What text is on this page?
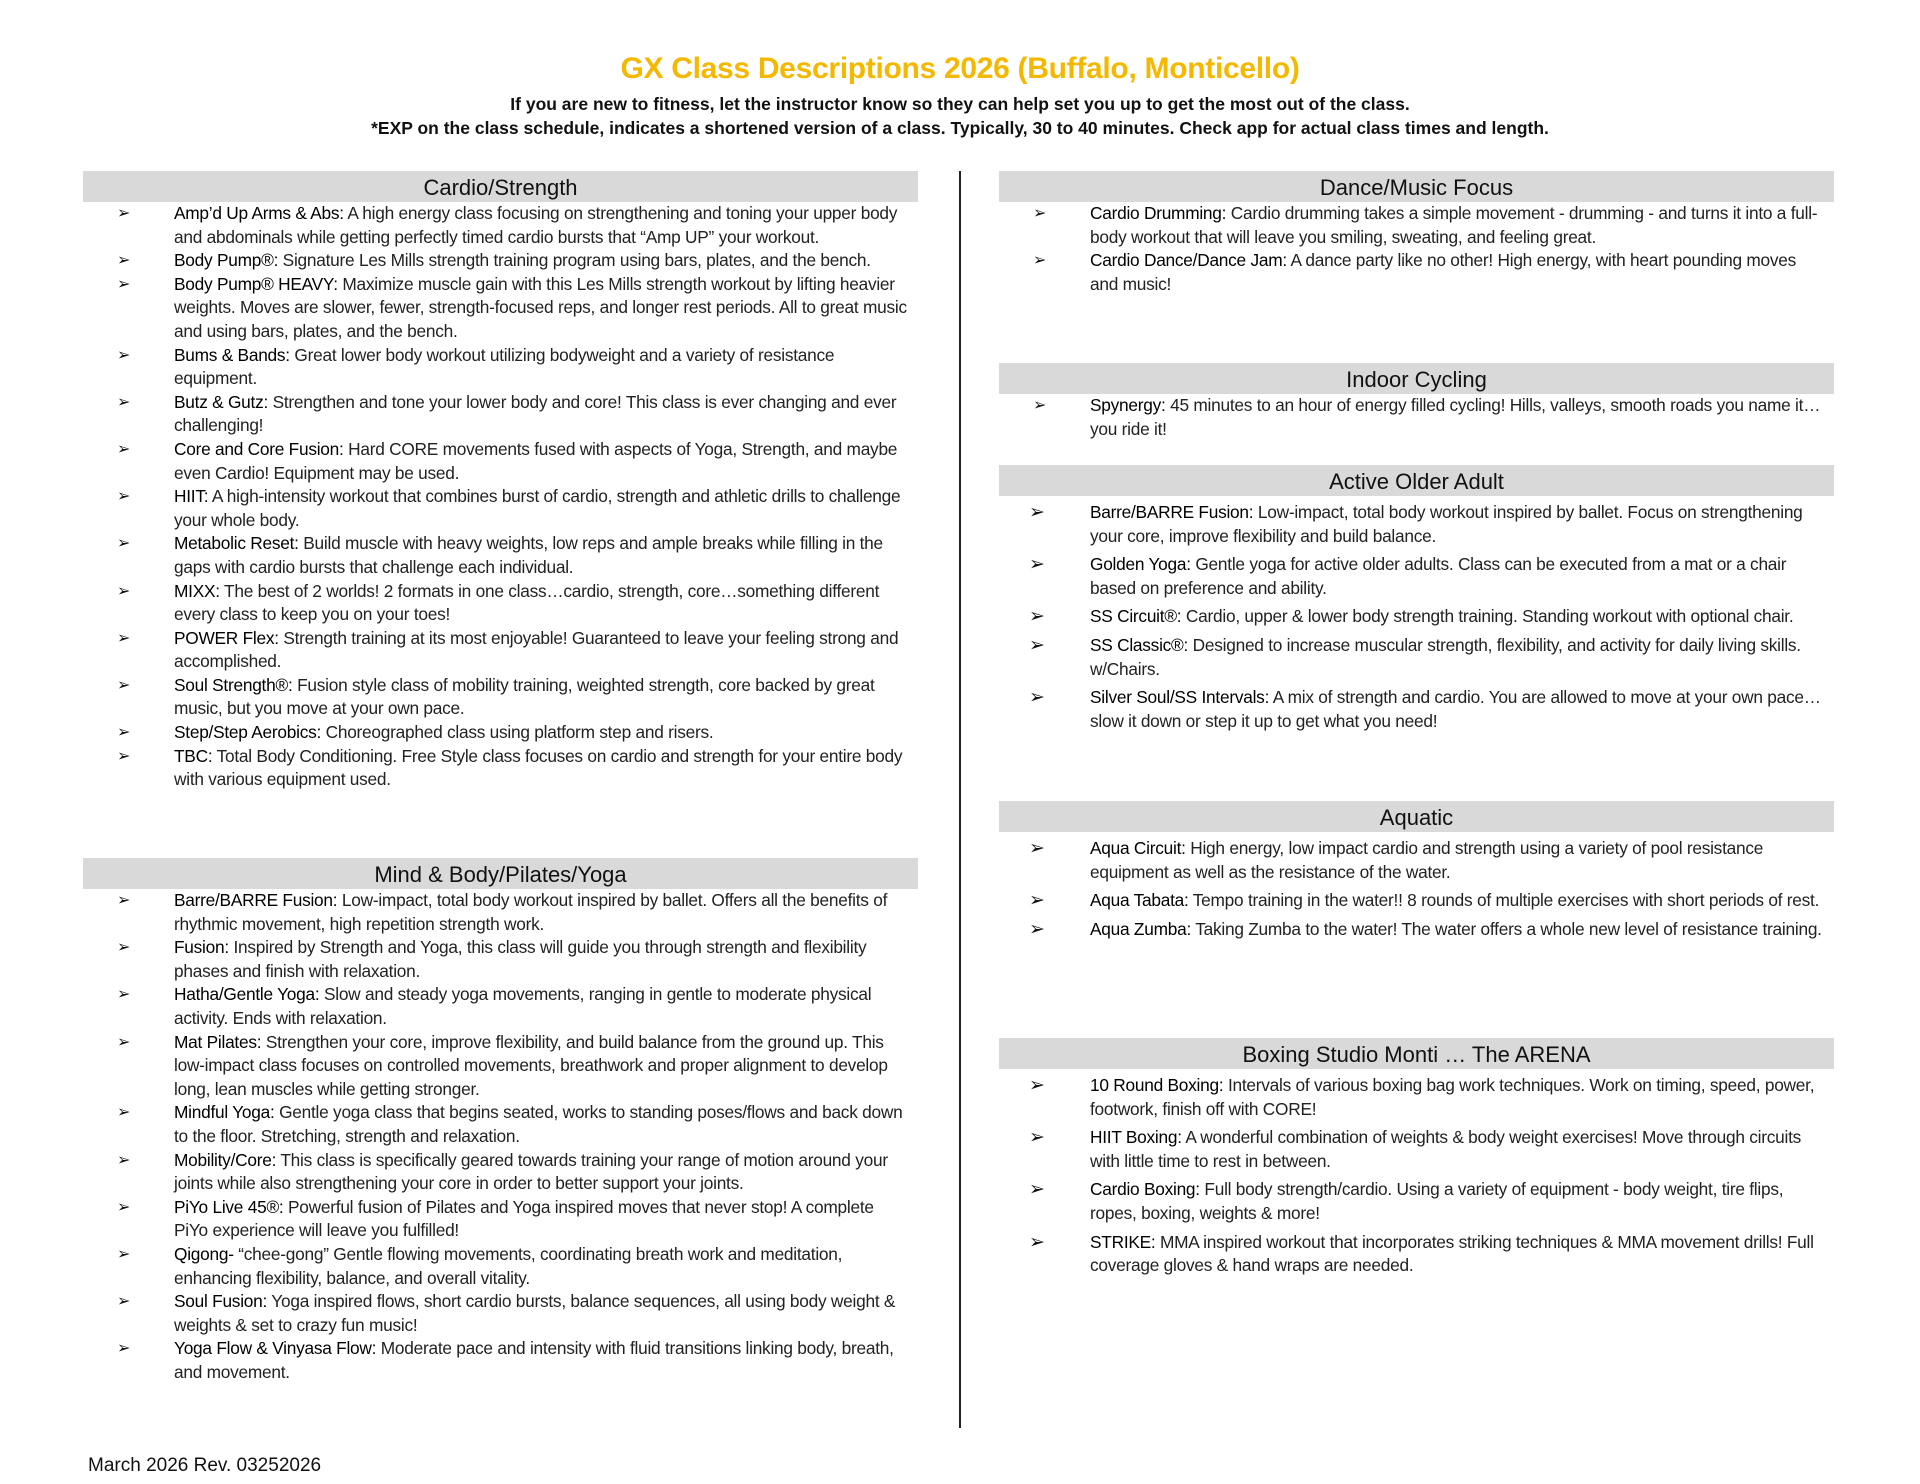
GX Class Descriptions 2026 (Buffalo, Monticello)
If you are new to fitness, let the instructor know so they can help set you up to get the most out of the class.
*EXP on the class schedule, indicates a shortened version of a class. Typically, 30 to 40 minutes. Check app for actual class times and length.
Cardio/Strength
➢	Amp’d Up Arms & Abs: A high energy class focusing on strengthening and toning your upper body and abdominals while getting perfectly timed cardio bursts that “Amp UP” your workout.
➢	Body Pump®: Signature Les Mills strength training program using bars, plates, and the bench.
➢	Body Pump® HEAVY: Maximize muscle gain with this Les Mills strength workout by lifting heavier weights. Moves are slower, fewer, strength-focused reps, and longer rest periods. All to great music and using bars, plates, and the bench.
➢	Bums & Bands: Great lower body workout utilizing bodyweight and a variety of resistance equipment.
➢	Butz & Gutz: Strengthen and tone your lower body and core! This class is ever changing and ever challenging!
➢	Core and Core Fusion: Hard CORE movements fused with aspects of Yoga, Strength, and maybe even Cardio! Equipment may be used.
➢	HIIT: A high-intensity workout that combines burst of cardio, strength and athletic drills to challenge your whole body.
➢	Metabolic Reset: Build muscle with heavy weights, low reps and ample breaks while filling in the gaps with cardio bursts that challenge each individual.
➢	MIXX: The best of 2 worlds! 2 formats in one class…cardio, strength, core…something different every class to keep you on your toes!
➢	POWER Flex: Strength training at its most enjoyable! Guaranteed to leave your feeling strong and accomplished.
➢	Soul Strength®: Fusion style class of mobility training, weighted strength, core backed by great music, but you move at your own pace.
➢	Step/Step Aerobics: Choreographed class using platform step and risers.
➢	TBC: Total Body Conditioning. Free Style class focuses on cardio and strength for your entire body with various equipment used.
Mind & Body/Pilates/Yoga
➢	Barre/BARRE Fusion: Low-impact, total body workout inspired by ballet. Offers all the benefits of rhythmic movement, high repetition strength work.
➢	Fusion: Inspired by Strength and Yoga, this class will guide you through strength and flexibility phases and finish with relaxation.
➢	Hatha/Gentle Yoga: Slow and steady yoga movements, ranging in gentle to moderate physical activity. Ends with relaxation.
➢	Mat Pilates: Strengthen your core, improve flexibility, and build balance from the ground up. This low-impact class focuses on controlled movements, breathwork and proper alignment to develop long, lean muscles while getting stronger.
➢	Mindful Yoga: Gentle yoga class that begins seated, works to standing poses/flows and back down to the floor. Stretching, strength and relaxation.
➢	Mobility/Core: This class is specifically geared towards training your range of motion around your joints while also strengthening your core in order to better support your joints.
➢	PiYo Live 45®: Powerful fusion of Pilates and Yoga inspired moves that never stop! A complete PiYo experience will leave you fulfilled!
➢	Qigong- “chee-gong” Gentle flowing movements, coordinating breath work and meditation, enhancing flexibility, balance, and overall vitality.
➢	Soul Fusion: Yoga inspired flows, short cardio bursts, balance sequences, all using body weight & weights & set to crazy fun music!
➢	Yoga Flow & Vinyasa Flow: Moderate pace and intensity with fluid transitions linking body, breath, and movement.
Dance/Music Focus
➢	Cardio Drumming: Cardio drumming takes a simple movement - drumming - and turns it into a full-body workout that will leave you smiling, sweating, and feeling great.
➢	Cardio Dance/Dance Jam: A dance party like no other! High energy, with heart pounding moves and music!
Indoor Cycling
➢	Spynergy: 45 minutes to an hour of energy filled cycling! Hills, valleys, smooth roads you name it…you ride it!
Active Older Adult
➢	Barre/BARRE Fusion: Low-impact, total body workout inspired by ballet. Focus on strengthening your core, improve flexibility and build balance.
➢	Golden Yoga: Gentle yoga for active older adults. Class can be executed from a mat or a chair based on preference and ability.
➢	SS Circuit®: Cardio, upper & lower body strength training. Standing workout with optional chair.
➢	SS Classic®: Designed to increase muscular strength, flexibility, and activity for daily living skills. w/Chairs.
➢	Silver Soul/SS Intervals: A mix of strength and cardio. You are allowed to move at your own pace…slow it down or step it up to get what you need!
Aquatic
➢	Aqua Circuit: High energy, low impact cardio and strength using a variety of pool resistance equipment as well as the resistance of the water.
➢	Aqua Tabata: Tempo training in the water!! 8 rounds of multiple exercises with short periods of rest.
➢	Aqua Zumba: Taking Zumba to the water! The water offers a whole new level of resistance training.
Boxing Studio Monti … The ARENA
➢	10 Round Boxing: Intervals of various boxing bag work techniques. Work on timing, speed, power, footwork, finish off with CORE!
➢	HIIT Boxing: A wonderful combination of weights & body weight exercises! Move through circuits with little time to rest in between.
➢	Cardio Boxing: Full body strength/cardio. Using a variety of equipment - body weight, tire flips, ropes, boxing, weights & more!
➢	STRIKE: MMA inspired workout that incorporates striking techniques & MMA movement drills! Full coverage gloves & hand wraps are needed.
March 2026 Rev. 03252026
